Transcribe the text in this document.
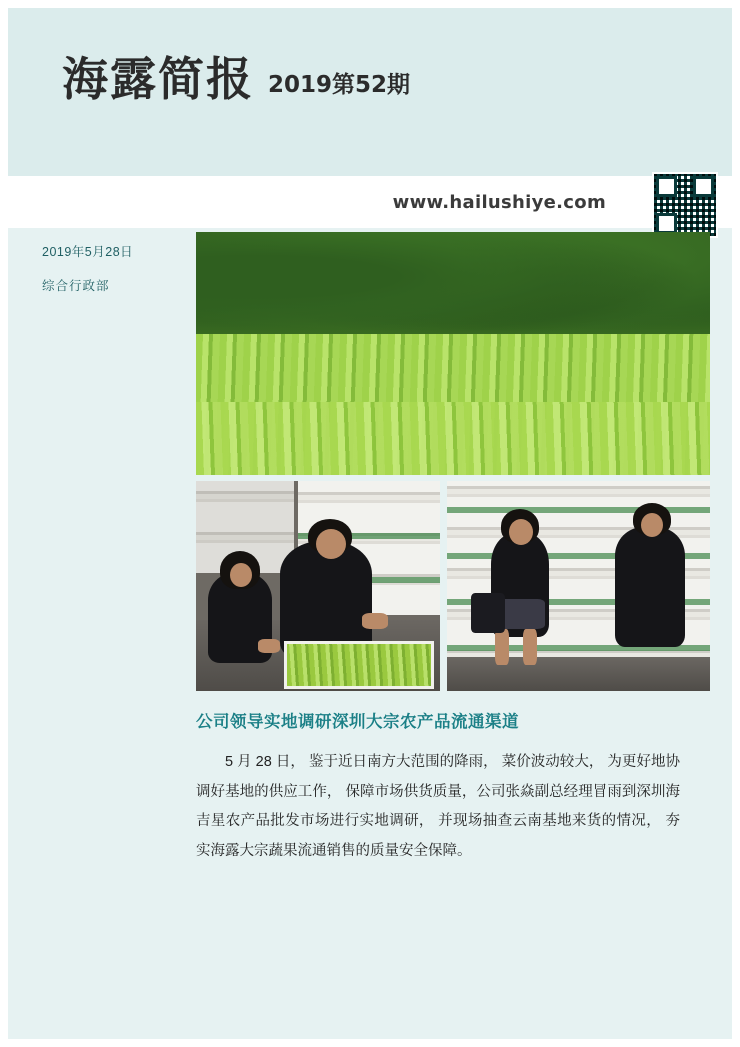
海露简报 2019第52期
www.hailushiye.com
2019年5月28日
综合行政部
公司领导实地调研深圳大宗农产品流通渠道
5 月 28 日， 鉴于近日南方大范围的降雨， 菜价波动较大， 为更好地协调好基地的供应工作， 保障市场供货质量，公司张焱副总经理冒雨到深圳海吉星农产品批发市场进行实地调研， 并现场抽查云南基地来货的情况， 夯实海露大宗蔬果流通销售的质量安全保障。
